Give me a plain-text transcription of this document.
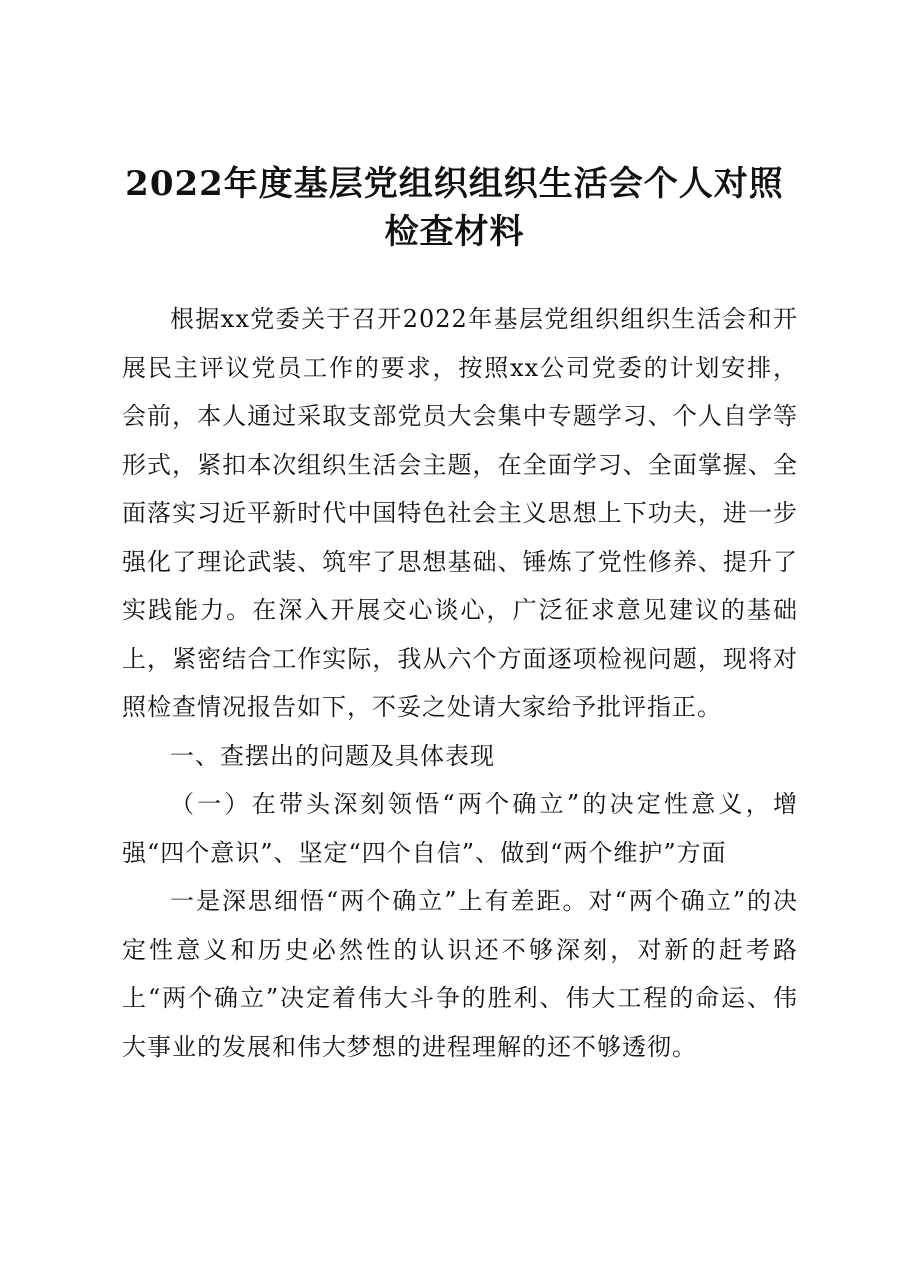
2022年度基层党组织组织生活会个人对照检查材料

根据xx党委关于召开2022年基层党组织组织生活会和开展民主评议党员工作的要求，按照xx公司党委的计划安排，会前，本人通过采取支部党员大会集中专题学习、个人自学等形式，紧扣本次组织生活会主题，在全面学习、全面掌握、全面落实习近平新时代中国特色社会主义思想上下功夫，进一步强化了理论武装、筑牢了思想基础、锤炼了党性修养、提升了实践能力。在深入开展交心谈心，广泛征求意见建议的基础上，紧密结合工作实际，我从六个方面逐项检视问题，现将对照检查情况报告如下，不妥之处请大家给予批评指正。

一、查摆出的问题及具体表现

（一）在带头深刻领悟“两个确立”的决定性意义，增强“四个意识”、坚定“四个自信”、做到“两个维护”方面

一是深思细悟“两个确立”上有差距。对“两个确立”的决定性意义和历史必然性的认识还不够深刻，对新的赶考路上“两个确立”决定着伟大斗争的胜利、伟大工程的命运、伟大事业的发展和伟大梦想的进程理解的还不够透彻。
